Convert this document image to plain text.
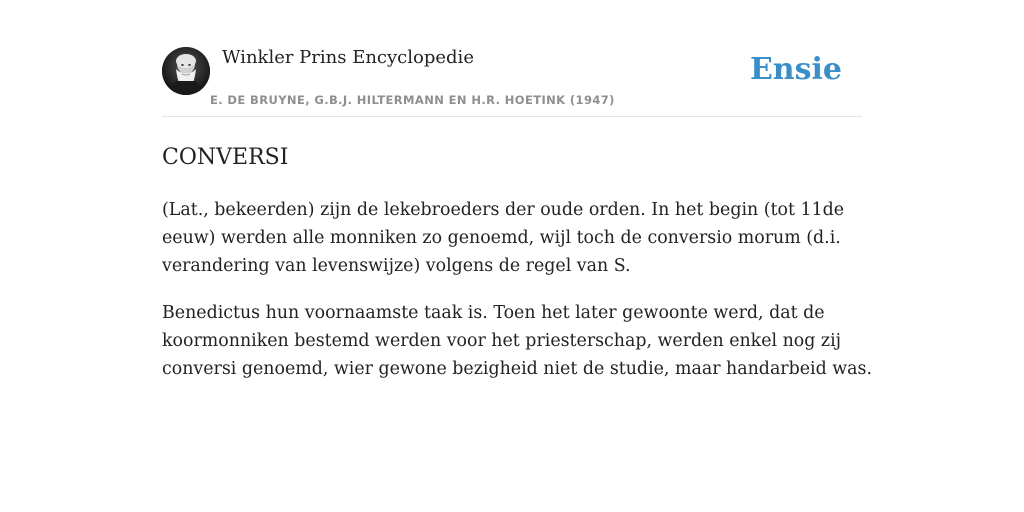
Winkler Prins Encyclopedie
E. DE BRUYNE, G.B.J. HILTERMANN EN H.R. HOETINK (1947)
Ensie
CONVERSI

(Lat., bekeerden) zijn de lekebroeders der oude orden. In het begin (tot 11de eeuw) werden alle monniken zo genoemd, wijl toch de conversio morum (d.i. verandering van levenswijze) volgens de regel van S.

Benedictus hun voornaamste taak is. Toen het later gewoonte werd, dat de koormonniken bestemd werden voor het priesterschap, werden enkel nog zij conversi genoemd, wier gewone bezigheid niet de studie, maar handarbeid was.
